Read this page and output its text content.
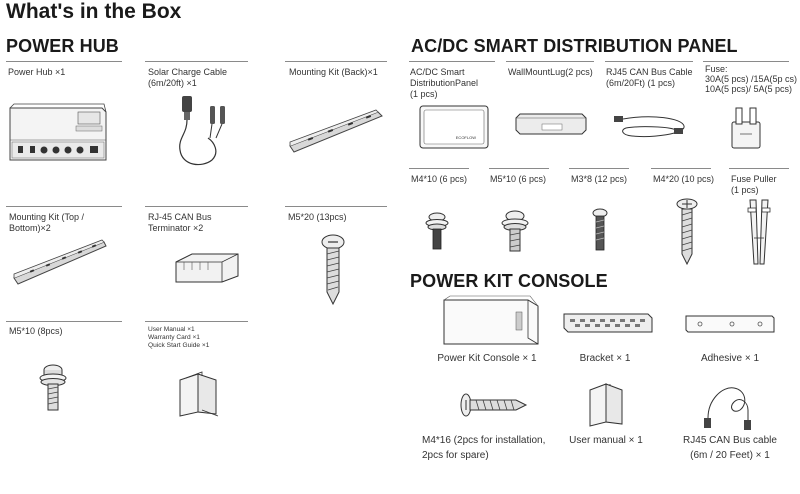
What's in the Box
POWER HUB	AC/DC SMART DISTRIBUTION PANEL
POWER KIT CONSOLE
Power Hub ×1	Solar Charge Cable
(6m/20ft) ×1
Mounting Kit (Back)×1
Mounting Kit (Top /
Bottom)×2
RJ-45 CAN Bus
Terminator ×2
M5*20 (13pcs)
M5*10 (8pcs)	User Manual ×1
Warranty Card ×1
Quick Start Guide ×1
AC/DC Smart
DistributionPanel
(1 pcs)
WallMountLug(2 pcs) RJ45 CAN Bus Cable
(6m/20Ft) (1 pcs)
Fuse:
30A(5 pcs) /15A(5p cs)
10A(5 pcs)/ 5A(5 pcs)
M4*10 (6 pcs)	M5*10 (6 pcs)	M3*8 (12 pcs)	M4*20 (10 pcs) Fuse Puller
(1 pcs)
Power Kit Console × 1	Bracket × 1	Adhesive × 1
M4*16 (2pcs for installation,
2pcs for spare)
User manual × 1	RJ45 CAN Bus cable
(6m / 20 Feet) × 1
ECOFLOW
